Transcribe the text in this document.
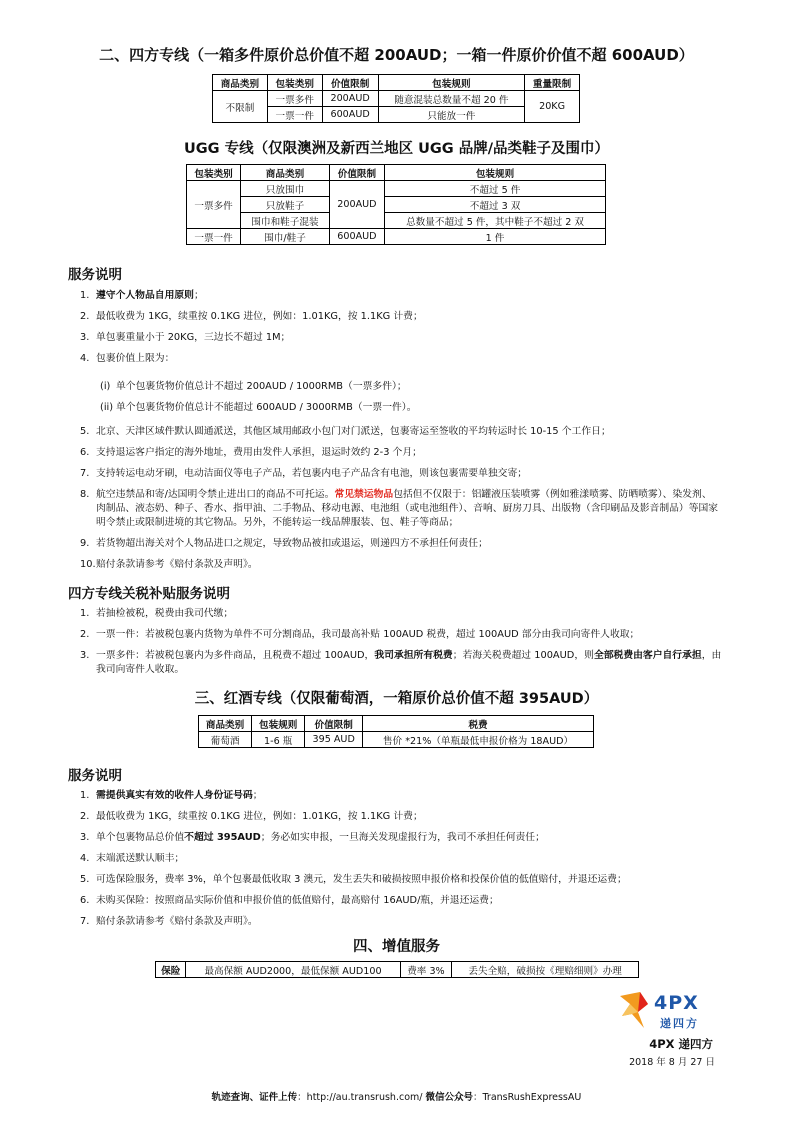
二、四方专线（一箱多件原价总价值不超 200AUD；一箱一件原价价值不超 600AUD）
商品类别	包装类别	价值限制	包装规则	重量限制
不限制	一票多件	200AUD	随意混装总数量不超 20 件	20KG
	一票一件	600AUD	只能放一件	
UGG 专线（仅限澳洲及新西兰地区 UGG 品牌/品类鞋子及围巾）
包装类别	商品类别	价值限制	包装规则
一票多件	只放围巾	200AUD	不超过 5 件
	只放鞋子		不超过 3 双
	围巾和鞋子混装		总数量不超过 5 件，其中鞋子不超过 2 双
一票一件	围巾/鞋子	600AUD	1 件
服务说明
1. 遵守个人物品自用原则；
2. 最低收费为 1KG，续重按 0.1KG 进位，例如：1.01KG，按 1.1KG 计费；
3. 单包裹重量小于 20KG，三边长不超过 1M；
4. 包裹价值上限为：
(i) 单个包裹货物价值总计不超过 200AUD / 1000RMB（一票多件）；
(ii) 单个包裹货物价值总计不能超过 600AUD / 3000RMB（一票一件）。
5. 北京、天津区域件默认圆通派送，其他区域用邮政小包门对门派送，包裹寄运至签收的平均转运时长 10-15 个工作日；
6. 支持退运客户指定的海外地址，费用由发件人承担，退运时效约 2-3 个月；
7. 支持转运电动牙刷，电动洁面仪等电子产品，若包裹内电子产品含有电池，则该包裹需要单独交寄；
8. 航空违禁品和寄/达国明令禁止进出口的商品不可托运。常见禁运物品包括但不仅限于：铝罐液压装喷雾（例如雅漾喷雾、防晒喷雾）、染发剂、肉制品、液态奶、种子、香水、指甲油、二手物品、移动电源、电池组（或电池组件）、音响、厨房刀具、出版物（含印刷品及影音制品）等国家明令禁止或限制进境的其它物品。另外，不能转运一线品牌服装、包、鞋子等商品；
9. 若货物超出海关对个人物品进口之规定，导致物品被扣或退运，则递四方不承担任何责任；
10. 赔付条款请参考《赔付条款及声明》。
四方专线关税补贴服务说明
1. 若抽检被税，税费由我司代缴；
2. 一票一件：若被税包裹内货物为单件不可分割商品，我司最高补贴 100AUD 税费，超过 100AUD 部分由我司向寄件人收取；
3. 一票多件：若被税包裹内为多件商品，且税费不超过 100AUD，我司承担所有税费；若海关税费超过 100AUD，则全部税费由客户自行承担，由我司向寄件人收取。
三、红酒专线（仅限葡萄酒，一箱原价总价值不超 395AUD）
商品类别	包装规则	价值限制	税费
葡萄酒	1-6 瓶	395 AUD	售价 *21%（单瓶最低申报价格为 18AUD）
服务说明
1. 需提供真实有效的收件人身份证号码；
2. 最低收费为 1KG，续重按 0.1KG 进位，例如：1.01KG，按 1.1KG 计费；
3. 单个包裹物品总价值不超过 395AUD；务必如实申报，一旦海关发现虚报行为，我司不承担任何责任；
4. 末端派送默认顺丰；
5. 可选保险服务，费率 3%，单个包裹最低收取 3 澳元，发生丢失和破损按照申报价格和投保价值的低值赔付，并退还运费；
6. 未购买保险：按照商品实际价值和申报价值的低值赔付，最高赔付 16AUD/瓶，并退还运费；
7. 赔付条款请参考《赔付条款及声明》。
四、增值服务
保险	最高保额 AUD2000，最低保额 AUD100	费率 3%	丢失全赔，破损按《理赔细则》办理
4PX
递四方
4PX 递四方
2018 年 8 月 27 日
轨迹查询、证件上传：http://au.transrush.com/ 微信公众号：TransRushExpressAU
